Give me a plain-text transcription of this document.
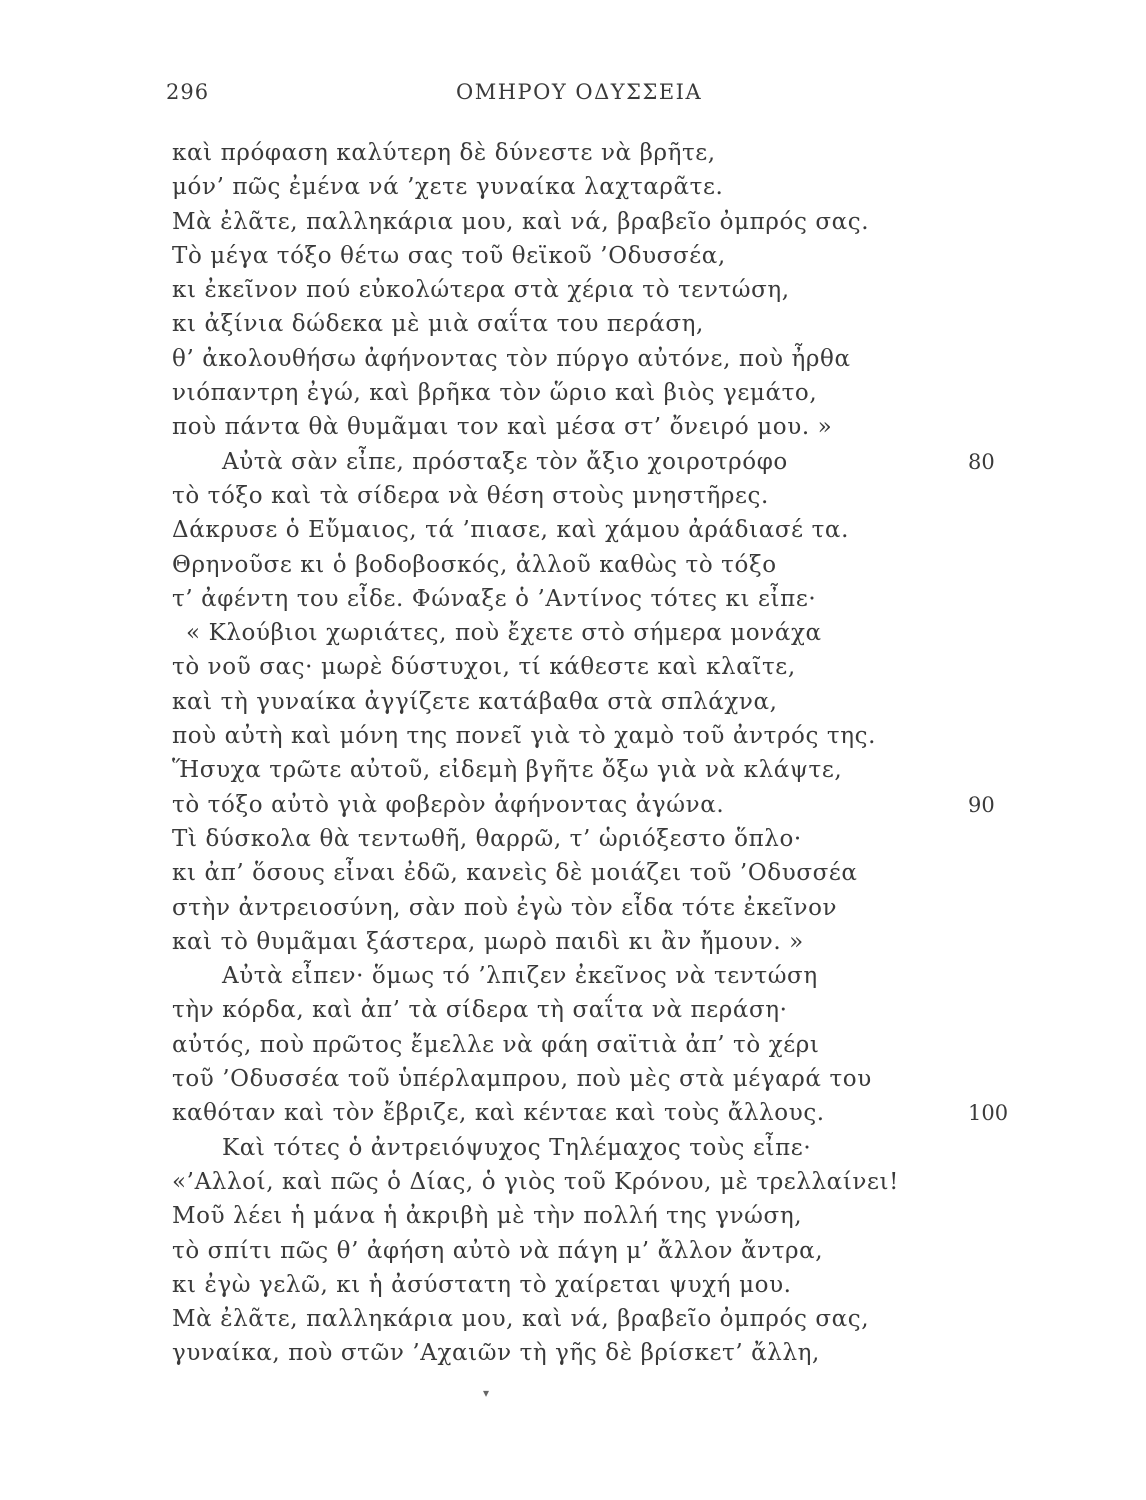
296	ΟΜΗΡΟΥ ΟΔΥΣΣΕΙΑ
καὶ πρόφαση καλύτερη δὲ δύνεστε νὰ βρῆτε,
μόν’ πῶς ἐμένα νά ’χετε γυναίκα λαχταρᾶτε.
Μὰ ἐλᾶτε, παλληκάρια μου, καὶ νά, βραβεῖο ὀμπρός σας.
Τὸ μέγα τόξο θέτω σας τοῦ θεϊκοῦ ’Οδυσσέα,
κι ἐκεῖνον πού εὐκολώτερα στὰ χέρια τὸ τεντώση,
κι ἀξίνια δώδεκα μὲ μιὰ σαΐτα του περάση,
θ’ ἀκολουθήσω ἀφήνοντας τὸν πύργο αὐτόνε, ποὺ ἦρθα
νιόπαντρη ἐγώ, καὶ βρῆκα τὸν ὥριο καὶ βιὸς γεμάτο,
ποὺ πάντα θὰ θυμᾶμαι τον καὶ μέσα στ’ ὄνειρό μου. »
Αὐτὰ σὰν εἶπε, πρόσταξε τὸν ἄξιο χοιροτρόφο	80
τὸ τόξο καὶ τὰ σίδερα νὰ θέση στοὺς μνηστῆρες.
Δάκρυσε ὁ Εὔμαιος, τά ’πιασε, καὶ χάμου ἀράδιασέ τα.
Θρηνοῦσε κι ὁ βοδοβοσκός, ἀλλοῦ καθὼς τὸ τόξο
τ’ ἀφέντη του εἶδε. Φώναξε ὁ ’Αντίνος τότες κι εἶπε·
« Κλούβιοι χωριάτες, ποὺ ἔχετε στὸ σήμερα μονάχα
τὸ νοῦ σας· μωρὲ δύστυχοι, τί κάθεστε καὶ κλαῖτε,
καὶ τὴ γυναίκα ἀγγίζετε κατάβαθα στὰ σπλάχνα,
ποὺ αὐτὴ καὶ μόνη της πονεῖ γιὰ τὸ χαμὸ τοῦ ἀντρός της.
Ἥσυχα τρῶτε αὐτοῦ, εἰδεμὴ βγῆτε ὄξω γιὰ νὰ κλάψτε,
τὸ τόξο αὐτὸ γιὰ φοβερὸν ἀφήνοντας ἀγώνα.	90
Τὶ δύσκολα θὰ τεντωθῆ, θαρρῶ, τ’ ὡριόξεστο ὅπλο·
κι ἀπ’ ὅσους εἶναι ἐδῶ, κανεὶς δὲ μοιάζει τοῦ ’Οδυσσέα
στὴν ἀντρειοσύνη, σὰν ποὺ ἐγὼ τὸν εἶδα τότε ἐκεῖνον
καὶ τὸ θυμᾶμαι ξάστερα, μωρὸ παιδὶ κι ἂν ἤμουν. »
Αὐτὰ εἶπεν· ὅμως τό ’λπιζεν ἐκεῖνος νὰ τεντώση
τὴν κόρδα, καὶ ἀπ’ τὰ σίδερα τὴ σαΐτα νὰ περάση·
αὐτός, ποὺ πρῶτος ἔμελλε νὰ φάη σαϊτιὰ ἀπ’ τὸ χέρι
τοῦ ’Οδυσσέα τοῦ ὑπέρλαμπρου, ποὺ μὲς στὰ μέγαρά του
καθόταν καὶ τὸν ἔβριζε, καὶ κένταε καὶ τοὺς ἄλλους.	100
Καὶ τότες ὁ ἀντρειόψυχος Τηλέμαχος τοὺς εἶπε·
«’Αλλοί, καὶ πῶς ὁ Δίας, ὁ γιὸς τοῦ Κρόνου, μὲ τρελλαίνει!
Μοῦ λέει ἡ μάνα ἡ ἀκριβὴ μὲ τὴν πολλή της γνώση,
τὸ σπίτι πῶς θ’ ἀφήση αὐτὸ νὰ πάγη μ’ ἄλλον ἄντρα,
κι ἐγὼ γελῶ, κι ἡ ἀσύστατη τὸ χαίρεται ψυχή μου.
Μὰ ἐλᾶτε, παλληκάρια μου, καὶ νά, βραβεῖο ὀμπρός σας,
γυναίκα, ποὺ στῶν ’Αχαιῶν τὴ γῆς δὲ βρίσκετ’ ἄλλη,
▾
